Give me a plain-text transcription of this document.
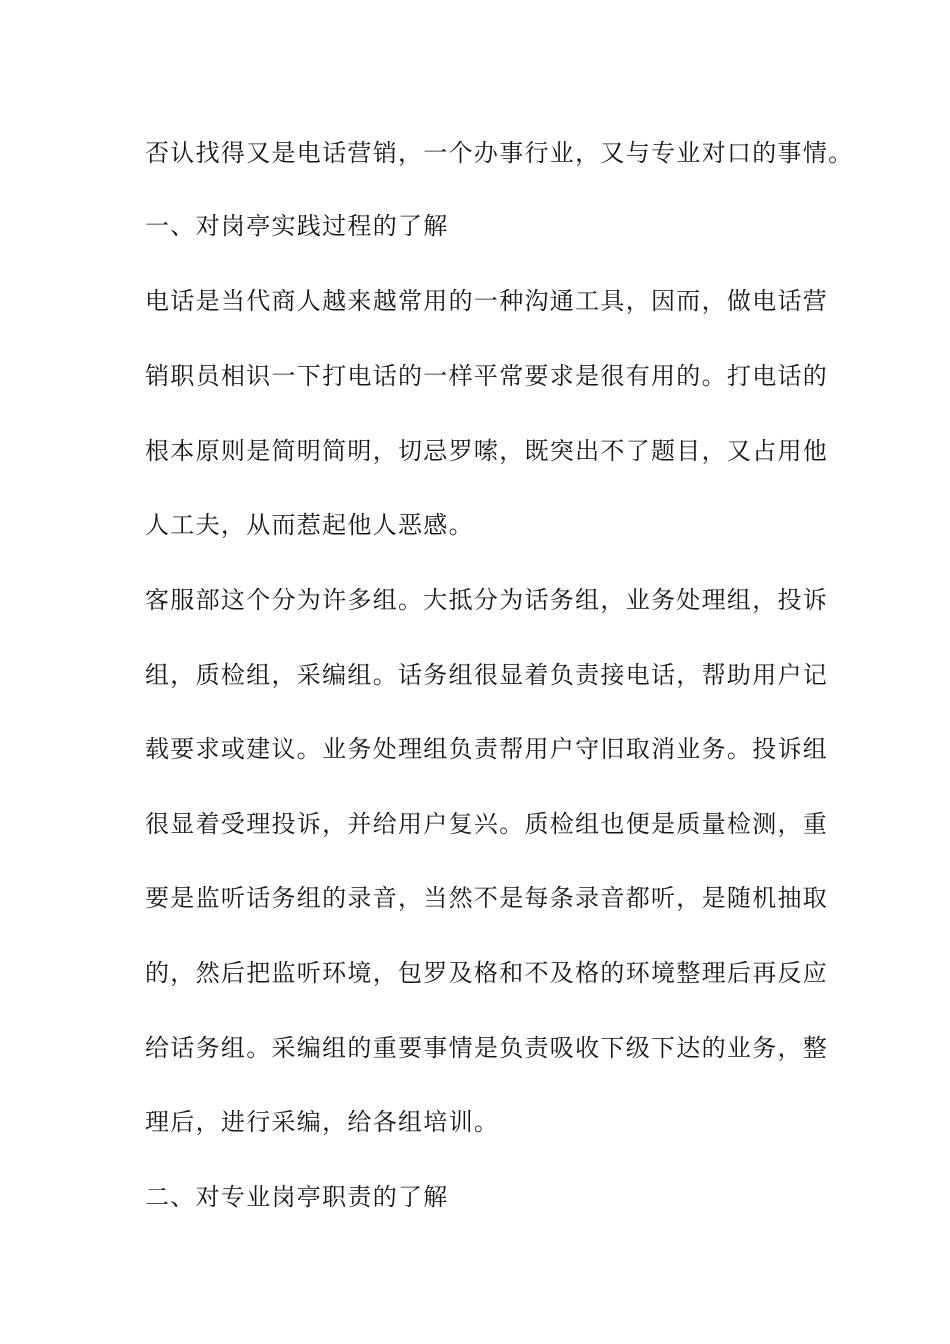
否认找得又是电话营销，一个办事行业，又与专业对口的事情。
一、对岗亭实践过程的了解
电话是当代商人越来越常用的一种沟通工具，因而，做电话营
销职员相识一下打电话的一样平常要求是很有用的。打电话的
根本原则是简明简明，切忌罗嗦，既突出不了题目，又占用他
人工夫，从而惹起他人恶感。
客服部这个分为许多组。大抵分为话务组，业务处理组，投诉
组，质检组，采编组。话务组很显着负责接电话，帮助用户记
载要求或建议。业务处理组负责帮用户守旧取消业务。投诉组
很显着受理投诉，并给用户复兴。质检组也便是质量检测，重
要是监听话务组的录音，当然不是每条录音都听，是随机抽取
的，然后把监听环境，包罗及格和不及格的环境整理后再反应
给话务组。采编组的重要事情是负责吸收下级下达的业务，整
理后，进行采编，给各组培训。
二、对专业岗亭职责的了解
